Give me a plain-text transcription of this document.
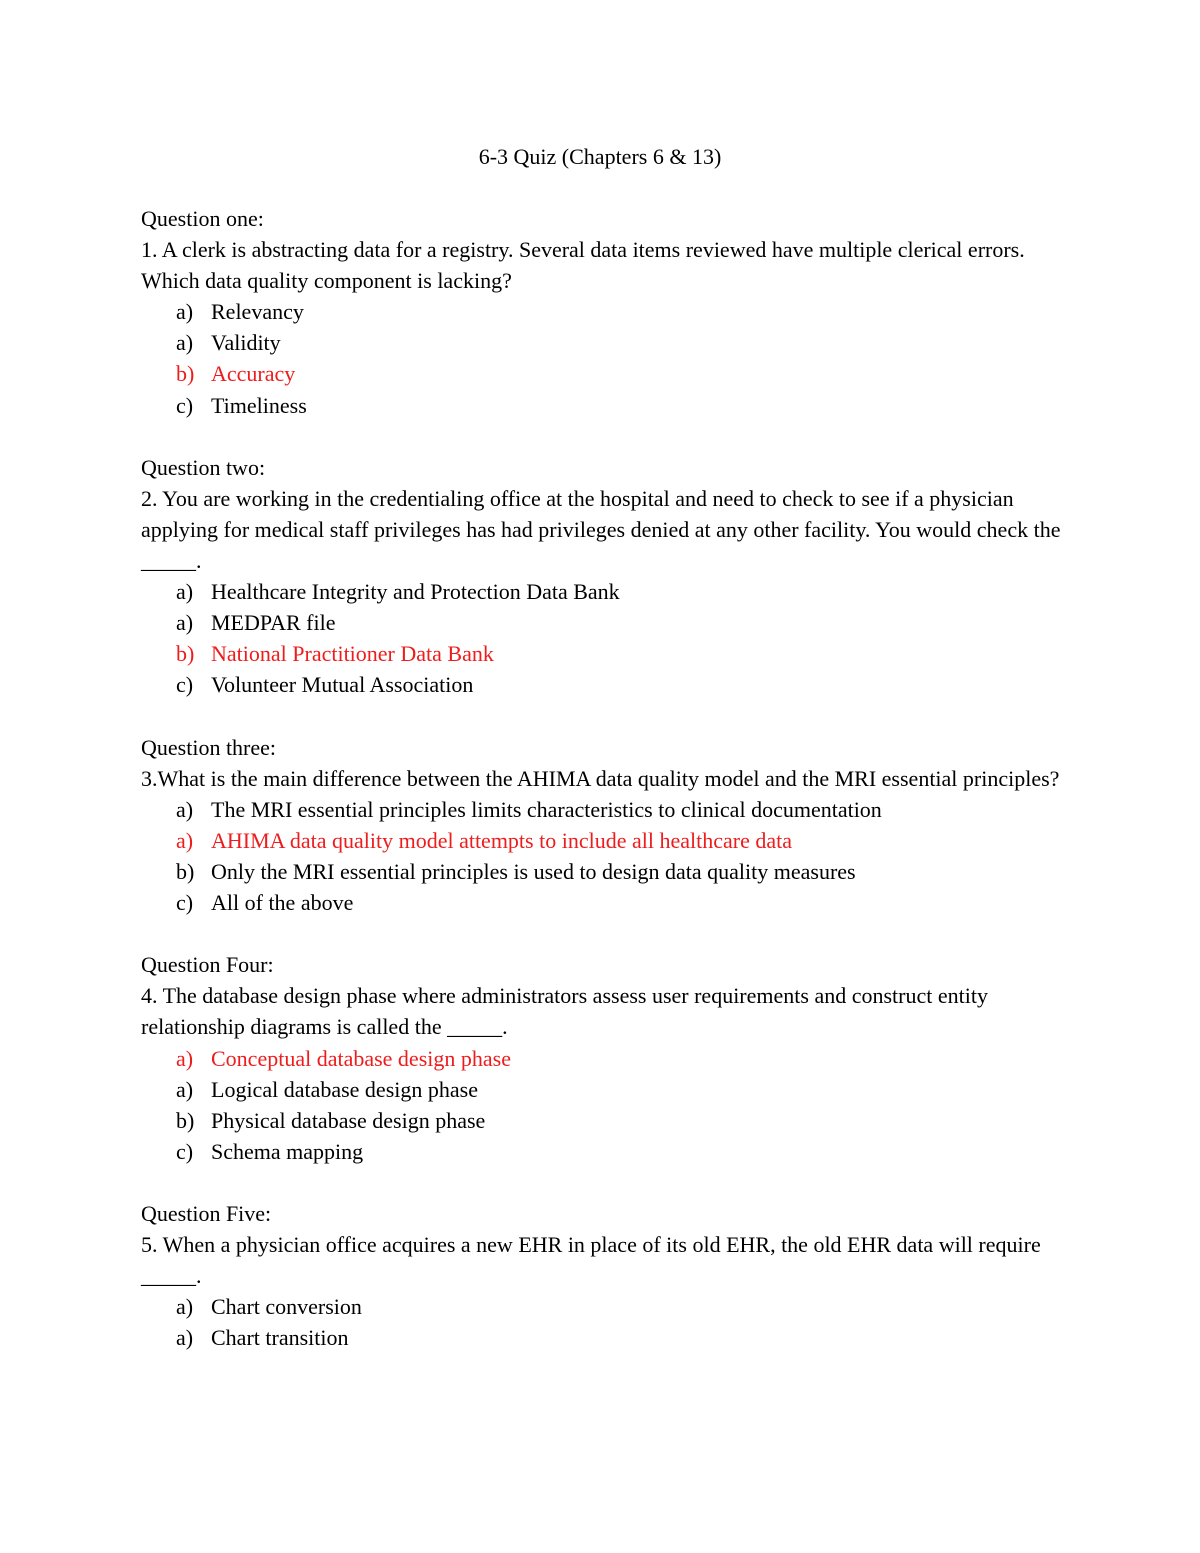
6-3 Quiz (Chapters 6 & 13)

Question one:

1. A clerk is abstracting data for a registry. Several data items reviewed have multiple clerical errors. Which data quality component is lacking?

a) Relevancy
a) Validity
b) Accuracy
c) Timeliness

Question two:

2. You are working in the credentialing office at the hospital and need to check to see if a physician applying for medical staff privileges has had privileges denied at any other facility. You would check the _____.

a) Healthcare Integrity and Protection Data Bank
a) MEDPAR file
b) National Practitioner Data Bank
c) Volunteer Mutual Association

Question three:

3.What is the main difference between the AHIMA data quality model and the MRI essential principles?

a) The MRI essential principles limits characteristics to clinical documentation
a) AHIMA data quality model attempts to include all healthcare data
b) Only the MRI essential principles is used to design data quality measures
c) All of the above

Question Four:

4. The database design phase where administrators assess user requirements and construct entity relationship diagrams is called the _____.

a) Conceptual database design phase
a) Logical database design phase
b) Physical database design phase
c) Schema mapping

Question Five:

5. When a physician office acquires a new EHR in place of its old EHR, the old EHR data will require _____.

a) Chart conversion
a) Chart transition
